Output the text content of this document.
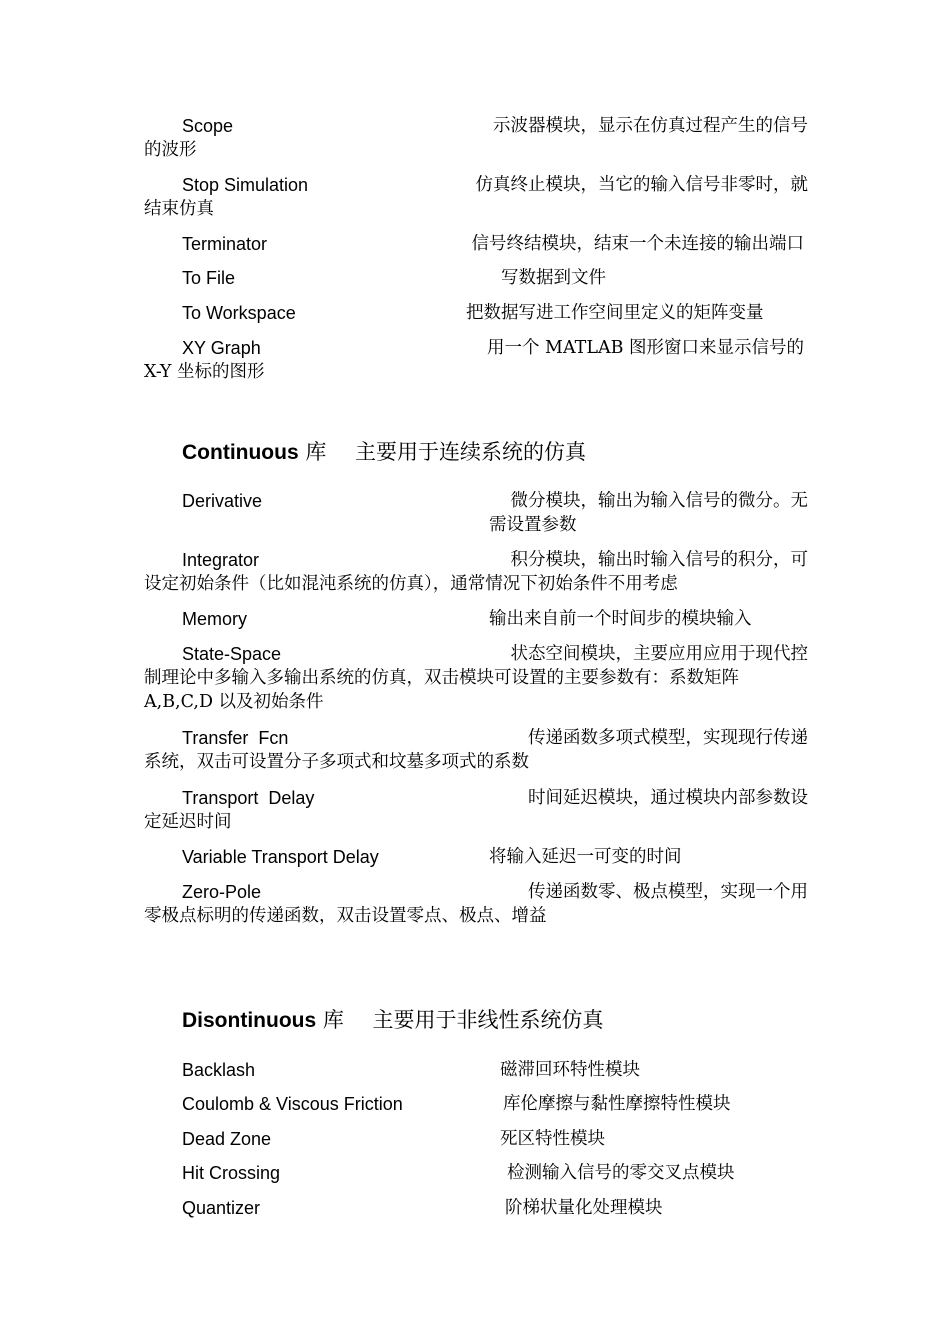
Scope	示波器模块，显示在仿真过程产生的信号
的波形
Stop Simulation	仿真终止模块，当它的输入信号非零时，就
结束仿真
Terminator	信号终结模块，结束一个未连接的输出端口
To File	写数据到文件
To Workspace	把数据写进工作空间里定义的矩阵变量
XY Graph	用一个 MATLAB 图形窗口来显示信号的
X-Y 坐标的图形
Continuous 库 主要用于连续系统的仿真
Derivative	微分模块，输出为输入信号的微分。无
需设置参数
Integrator	积分模块，输出时输入信号的积分，可
设定初始条件（比如混沌系统的仿真），通常情况下初始条件不用考虑
Memory	输出来自前一个时间步的模块输入
State-Space	状态空间模块，主要应用应用于现代控
制理论中多输入多输出系统的仿真，双击模块可设置的主要参数有：系数矩阵
A,B,C,D 以及初始条件
Transfer  Fcn	传递函数多项式模型，实现现行传递
系统，双击可设置分子多项式和坟墓多项式的系数
Transport  Delay	时间延迟模块，通过模块内部参数设
定延迟时间
Variable Transport Delay	将输入延迟一可变的时间
Zero-Pole	传递函数零、极点模型，实现一个用
零极点标明的传递函数，双击设置零点、极点、增益
Disontinuous 库 主要用于非线性系统仿真
Backlash	磁滞回环特性模块
Coulomb & Viscous Friction	库伦摩擦与黏性摩擦特性模块
Dead Zone	死区特性模块
Hit Crossing	检测输入信号的零交叉点模块
Quantizer	阶梯状量化处理模块
